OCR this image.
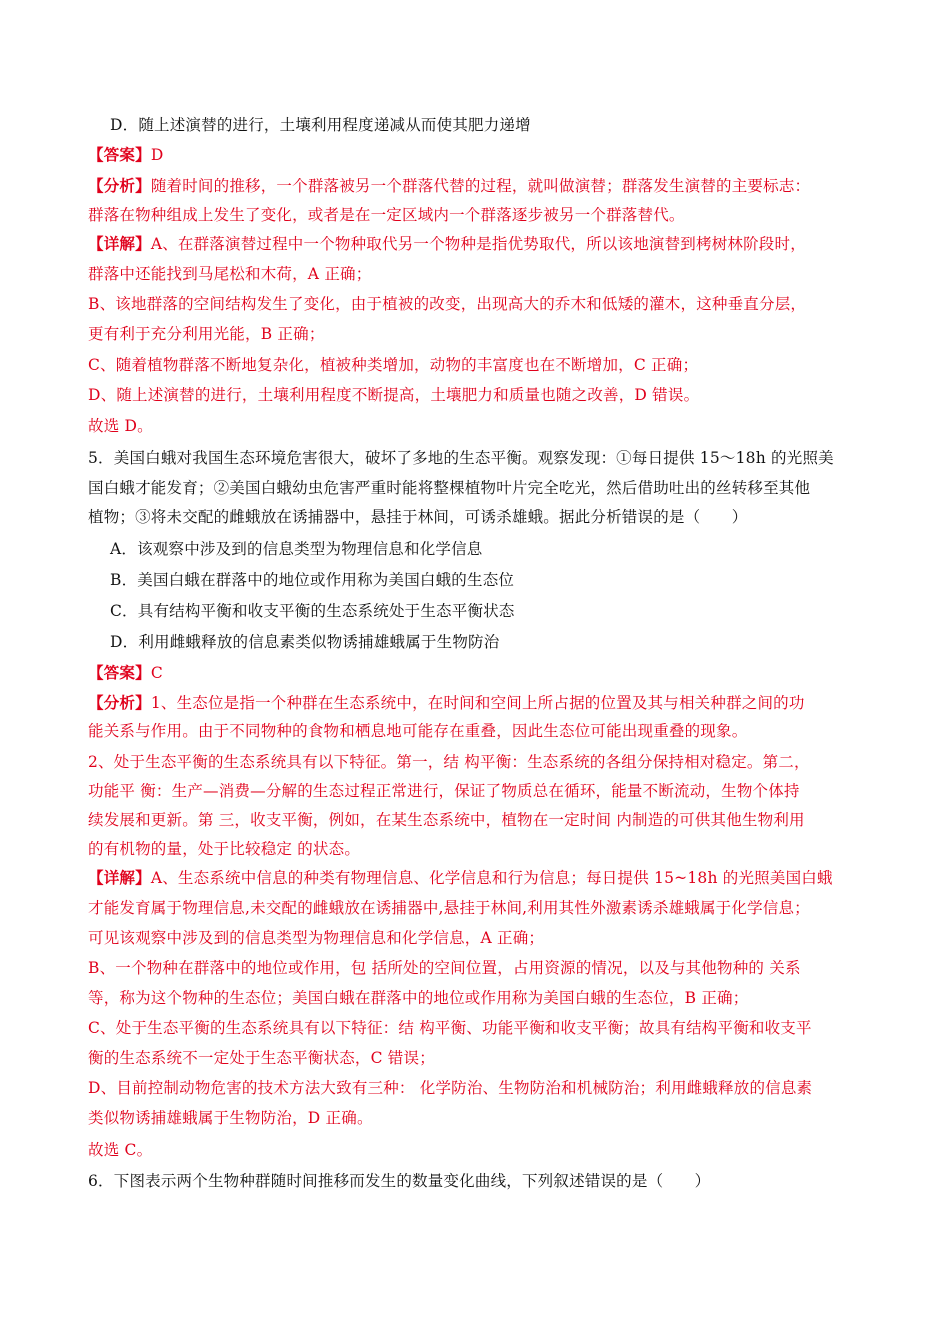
D．随上述演替的进行，土壤利用程度递减从而使其肥力递增
【答案】D
【分析】随着时间的推移，一个群落被另一个群落代替的过程，就叫做演替；群落发生演替的主要标志：
群落在物种组成上发生了变化，或者是在一定区域内一个群落逐步被另一个群落替代。
【详解】A、在群落演替过程中一个物种取代另一个物种是指优势取代，所以该地演替到栲树林阶段时，
群落中还能找到马尾松和木荷，A 正确；
B、该地群落的空间结构发生了变化，由于植被的改变，出现高大的乔木和低矮的灌木，这种垂直分层，
更有利于充分利用光能，B 正确；
C、随着植物群落不断地复杂化，植被种类增加，动物的丰富度也在不断增加，C 正确；
D、随上述演替的进行，土壤利用程度不断提高，土壤肥力和质量也随之改善，D 错误。
故选 D。
5．美国白蛾对我国生态环境危害很大，破坏了多地的生态平衡。观察发现：①每日提供 15～18h 的光照美
国白蛾才能发育；②美国白蛾幼虫危害严重时能将整棵植物叶片完全吃光，然后借助吐出的丝转移至其他
植物；③将未交配的雌蛾放在诱捕器中，悬挂于林间，可诱杀雄蛾。据此分析错误的是（　　）
A．该观察中涉及到的信息类型为物理信息和化学信息
B．美国白蛾在群落中的地位或作用称为美国白蛾的生态位
C．具有结构平衡和收支平衡的生态系统处于生态平衡状态
D．利用雌蛾释放的信息素类似物诱捕雄蛾属于生物防治
【答案】C
【分析】1、生态位是指一个种群在生态系统中，在时间和空间上所占据的位置及其与相关种群之间的功
能关系与作用。由于不同物种的食物和栖息地可能存在重叠，因此生态位可能出现重叠的现象。
2、处于生态平衡的生态系统具有以下特征。第一，结 构平衡：生态系统的各组分保持相对稳定。第二，
功能平 衡：生产—消费—分解的生态过程正常进行，保证了物质总在循环，能量不断流动，生物个体持
续发展和更新。第 三，收支平衡，例如，在某生态系统中，植物在一定时间 内制造的可供其他生物利用
的有机物的量，处于比较稳定 的状态。
【详解】A、生态系统中信息的种类有物理信息、化学信息和行为信息；每日提供 15~18h 的光照美国白蛾
才能发育属于物理信息,未交配的雌蛾放在诱捕器中,悬挂于林间,利用其性外激素诱杀雄蛾属于化学信息；
可见该观察中涉及到的信息类型为物理信息和化学信息，A 正确；
B、一个物种在群落中的地位或作用，包 括所处的空间位置，占用资源的情况，以及与其他物种的 关系
等，称为这个物种的生态位；美国白蛾在群落中的地位或作用称为美国白蛾的生态位，B 正确；
C、处于生态平衡的生态系统具有以下特征：结 构平衡、功能平衡和收支平衡；故具有结构平衡和收支平
衡的生态系统不一定处于生态平衡状态，C 错误；
D、目前控制动物危害的技术方法大致有三种： 化学防治、生物防治和机械防治；利用雌蛾释放的信息素
类似物诱捕雄蛾属于生物防治，D 正确。
故选 C。
6．下图表示两个生物种群随时间推移而发生的数量变化曲线，下列叙述错误的是（　　）
